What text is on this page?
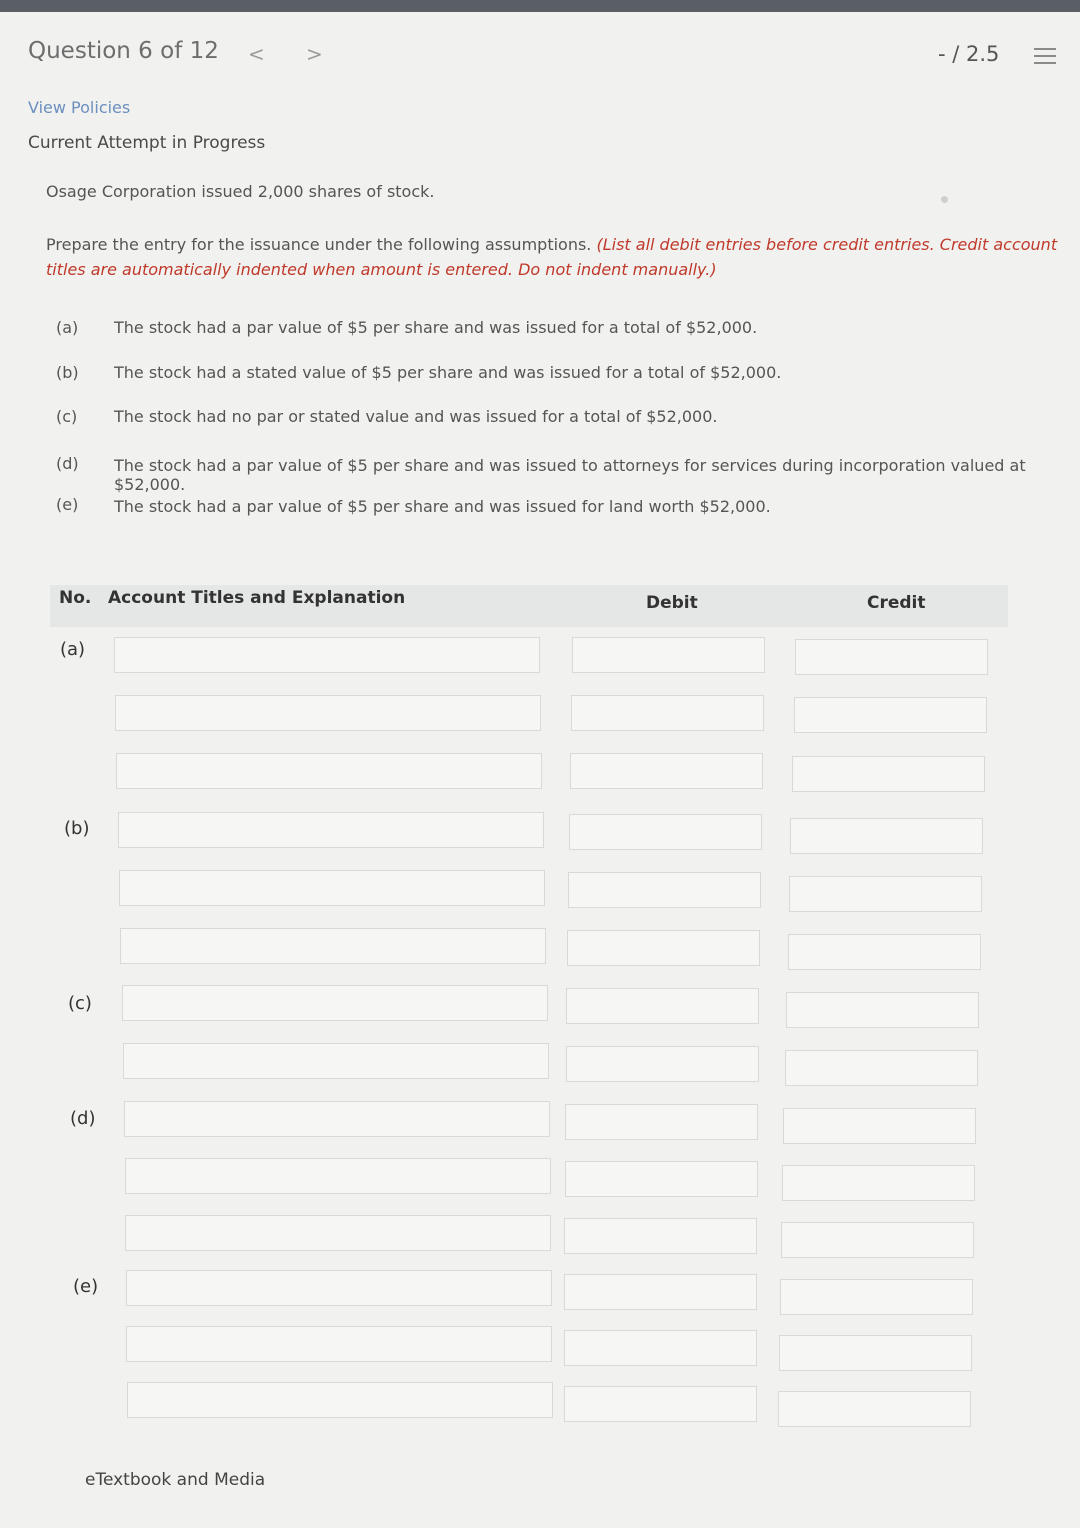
Question 6 of 12 < >	- / 2.5
View Policies
Current Attempt in Progress
Osage Corporation issued 2,000 shares of stock.
Prepare the entry for the issuance under the following assumptions. (List all debit entries before credit entries. Credit account titles are automatically indented when amount is entered. Do not indent manually.)
(a) The stock had a par value of $5 per share and was issued for a total of $52,000.
(b) The stock had a stated value of $5 per share and was issued for a total of $52,000.
(c) The stock had no par or stated value and was issued for a total of $52,000.
(d) The stock had a par value of $5 per share and was issued to attorneys for services during incorporation valued at $52,000.
(e) The stock had a par value of $5 per share and was issued for land worth $52,000.
No. Account Titles and Explanation	Debit	Credit
(a)
(b)
(c)
(d)
(e)
eTextbook and Media
